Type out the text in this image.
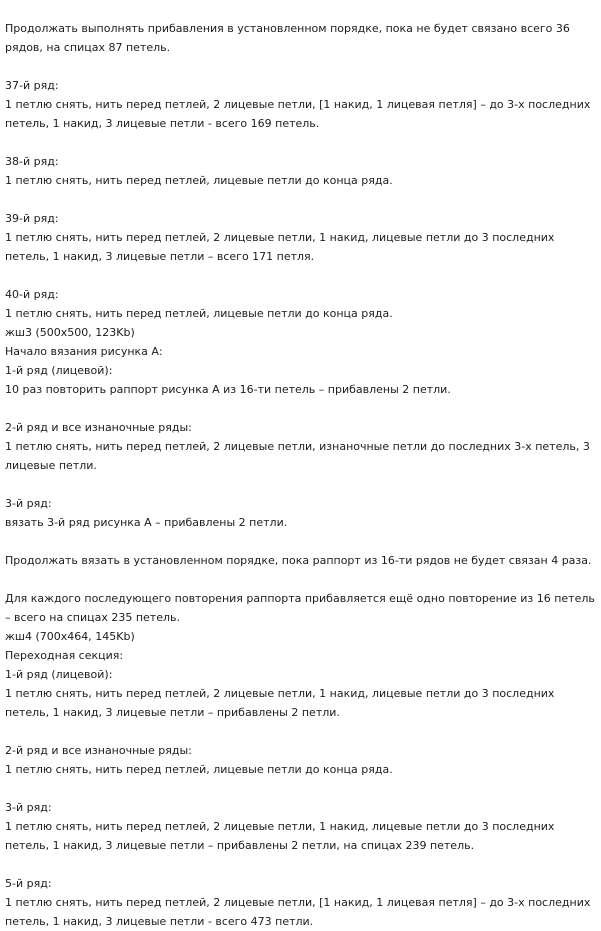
Продолжать выполнять прибавления в установленном порядке, пока не будет связано всего 36
рядов, на спицах 87 петель.
37-й ряд:
1 петлю снять, нить перед петлей, 2 лицевые петли, [1 накид, 1 лицевая петля] – до 3-х последних
петель, 1 накид, 3 лицевые петли - всего 169 петель.
38-й ряд:
1 петлю снять, нить перед петлей, лицевые петли до конца ряда.
39-й ряд:
1 петлю снять, нить перед петлей, 2 лицевые петли, 1 накид, лицевые петли до 3 последних
петель, 1 накид, 3 лицевые петли – всего 171 петля.
40-й ряд:
1 петлю снять, нить перед петлей, лицевые петли до конца ряда.
жш3 (500x500, 123Kb)
Начало вязания рисунка А:
1-й ряд (лицевой):
10 раз повторить раппорт рисунка А из 16-ти петель – прибавлены 2 петли.
2-й ряд и все изнаночные ряды:
1 петлю снять, нить перед петлей, 2 лицевые петли, изнаночные петли до последних 3-х петель, 3
лицевые петли.
3-й ряд:
вязать 3-й ряд рисунка А – прибавлены 2 петли.
Продолжать вязать в установленном порядке, пока раппорт из 16-ти рядов не будет связан 4 раза.
Для каждого последующего повторения раппорта прибавляется ещё одно повторение из 16 петель
– всего на спицах 235 петель.
жш4 (700x464, 145Kb)
Переходная секция:
1-й ряд (лицевой):
1 петлю снять, нить перед петлей, 2 лицевые петли, 1 накид, лицевые петли до 3 последних
петель, 1 накид, 3 лицевые петли – прибавлены 2 петли.
2-й ряд и все изнаночные ряды:
1 петлю снять, нить перед петлей, лицевые петли до конца ряда.
3-й ряд:
1 петлю снять, нить перед петлей, 2 лицевые петли, 1 накид, лицевые петли до 3 последних
петель, 1 накид, 3 лицевые петли – прибавлены 2 петли, на спицах 239 петель.
5-й ряд:
1 петлю снять, нить перед петлей, 2 лицевые петли, [1 накид, 1 лицевая петля] – до 3-х последних
петель, 1 накид, 3 лицевые петли - всего 473 петли.
